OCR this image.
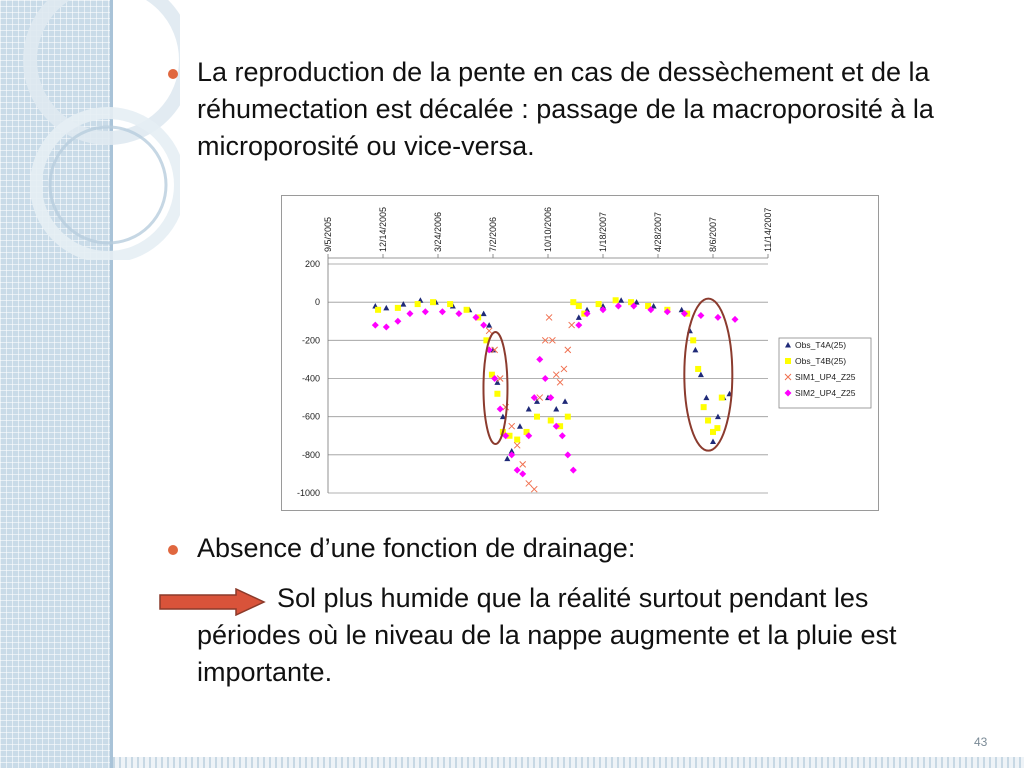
La reproduction de la pente en cas de dessèchement et de la réhumectation est décalée : passage de la macroporosité à la microporosité ou vice-versa.
200
0
-200
-400
-600
-800
-1000
9/5/2005	12/14/2005	3/24/2006	7/2/2006	10/10/2006	1/18/2007	4/28/2007	8/6/2007	11/14/2007
Obs_T4A(25)
Obs_T4B(25)
SIM1_UP4_Z25
SIM2_UP4_Z25
Absence d’une fonction de drainage:
Sol plus humide que la réalité surtout pendant les périodes où le niveau de la nappe augmente et la pluie est importante.
43
